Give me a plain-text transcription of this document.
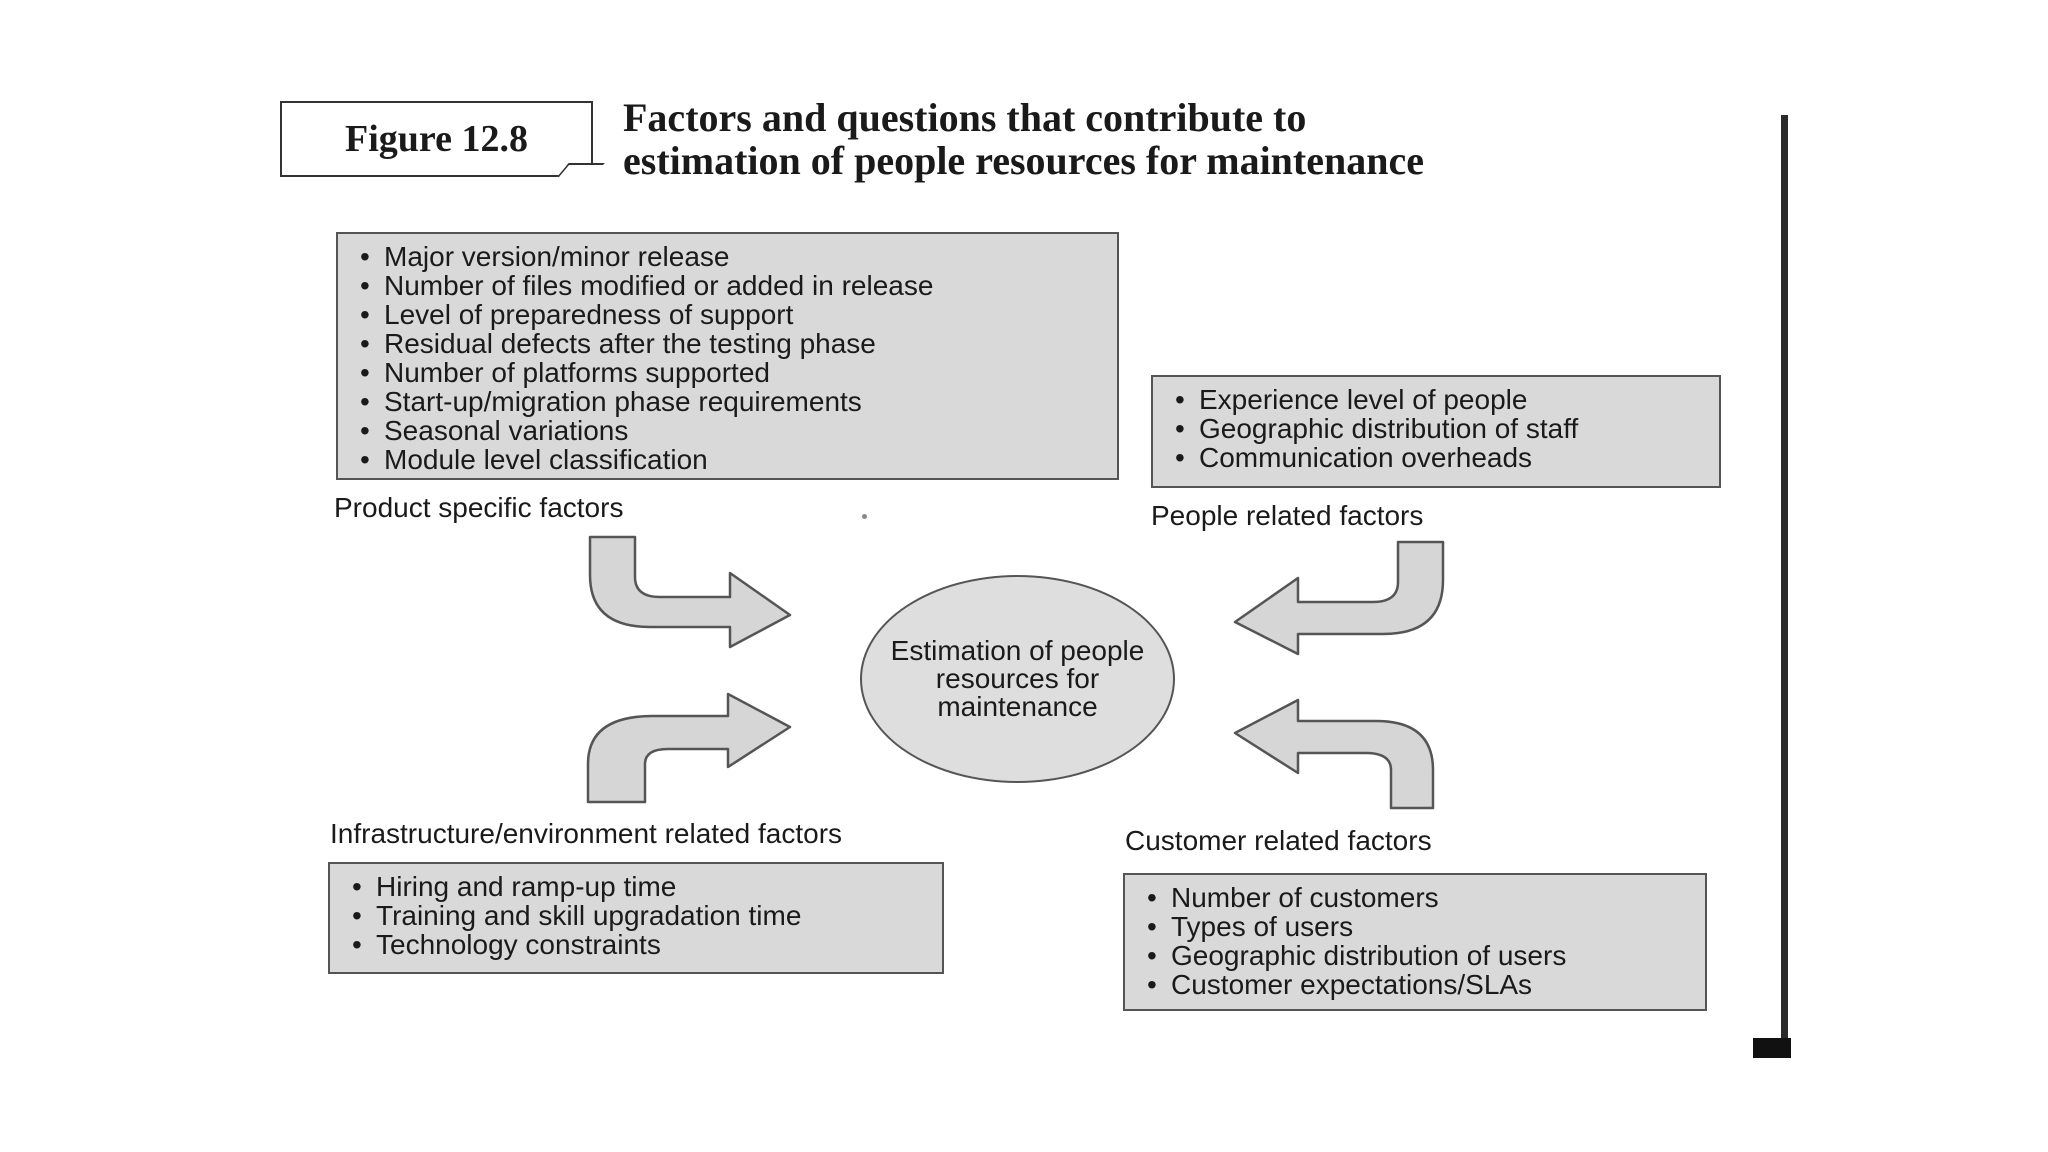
Figure 12.8 Factors and questions that contribute to
estimation of people resources for maintenance
• Major version/minor release
• Number of files modified or added in release
• Level of preparedness of support
• Residual defects after the testing phase
• Number of platforms supported
• Start-up/migration phase requirements
• Seasonal variations
• Module level classification
Product specific factors
• Experience level of people
• Geographic distribution of staff
• Communication overheads
People related factors
Infrastructure/environment related factors
• Hiring and ramp-up time
• Training and skill upgradation time
• Technology constraints
Customer related factors
• Number of customers
• Types of users
• Geographic distribution of users
• Customer expectations/SLAs
Estimation of people resources for maintenance
